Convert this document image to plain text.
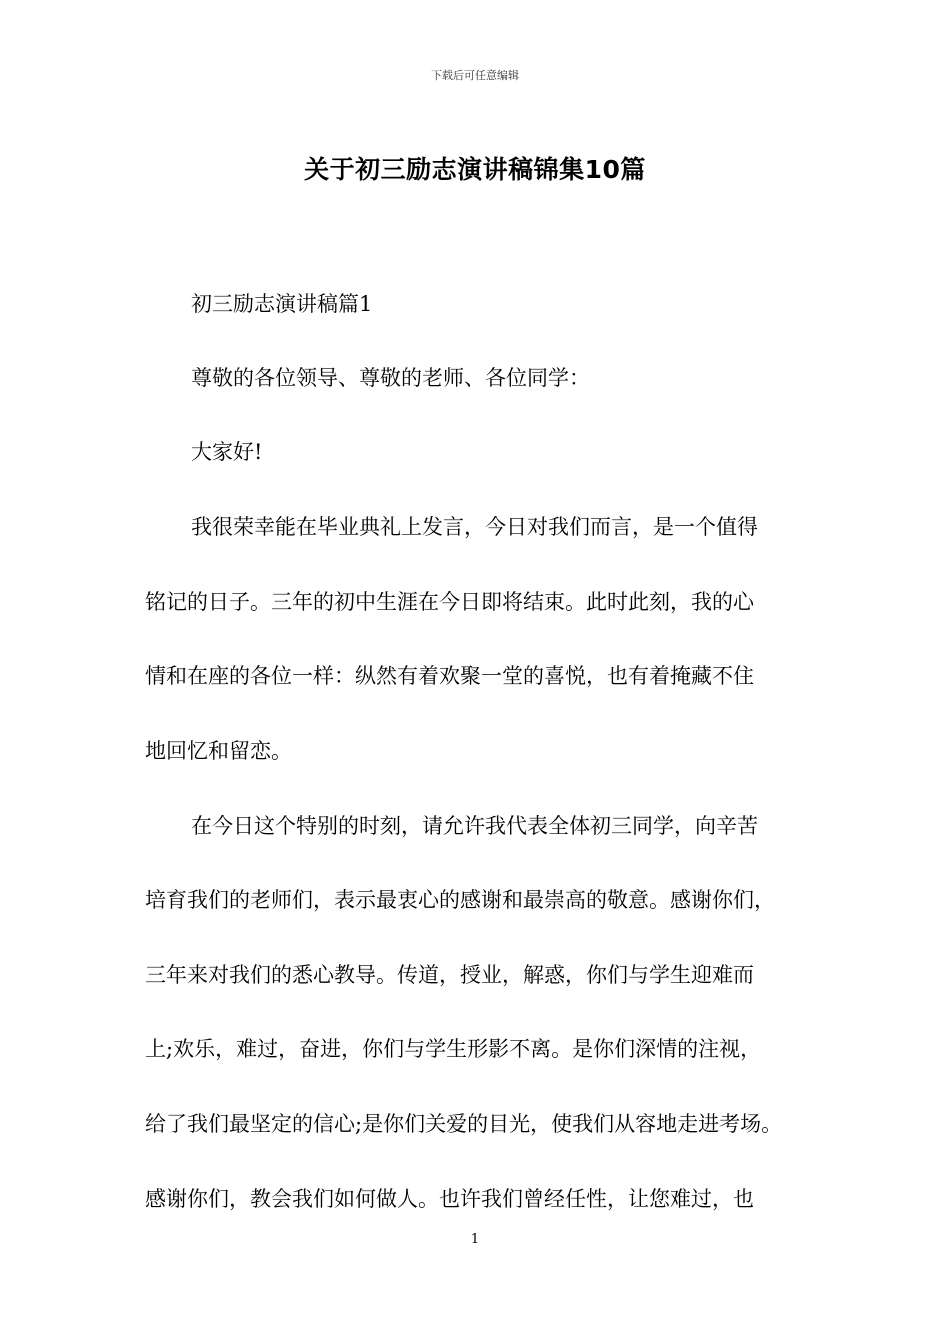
下载后可任意编辑
关于初三励志演讲稿锦集10篇
初三励志演讲稿篇1
尊敬的各位领导、尊敬的老师、各位同学：
大家好!
我很荣幸能在毕业典礼上发言，今日对我们而言，是一个值得
铭记的日子。三年的初中生涯在今日即将结束。此时此刻，我的心
情和在座的各位一样：纵然有着欢聚一堂的喜悦，也有着掩藏不住
地回忆和留恋。
在今日这个特别的时刻，请允许我代表全体初三同学，向辛苦
培育我们的老师们，表示最衷心的感谢和最崇高的敬意。感谢你们，
三年来对我们的悉心教导。传道，授业，解惑，你们与学生迎难而
上;欢乐，难过，奋进，你们与学生形影不离。是你们深情的注视，
给了我们最坚定的信心;是你们关爱的目光，使我们从容地走进考场。
感谢你们，教会我们如何做人。也许我们曾经任性，让您难过，也
1
